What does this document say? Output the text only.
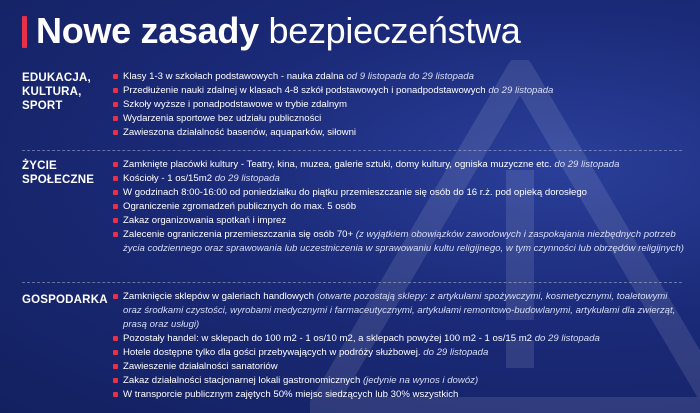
Nowe zasady bezpieczeństwa
EDUKACJA,
KULTURA,
SPORT
Klasy 1-3 w szkołach podstawowych - nauka zdalna od 9 listopada do 29 listopada
Przedłużenie nauki zdalnej w klasach 4-8 szkół podstawowych i ponadpodstawowych do 29 listopada
Szkoły wyższe i ponadpodstawowe w trybie zdalnym
Wydarzenia sportowe bez udziału publiczności
Zawieszona działalność basenów, aquaparków, siłowni
ŻYCIE
SPOŁECZNE
Zamknięte placówki kultury - Teatry, kina, muzea, galerie sztuki, domy kultury, ogniska muzyczne etc. do 29 listopada
Kościoły - 1 os/15m2 do 29 listopada
W godzinach 8:00-16:00 od poniedziałku do piątku przemieszczanie się osób do 16 r.ż. pod opieką dorosłego
Ograniczenie zgromadzeń publicznych do max. 5 osób
Zakaz organizowania spotkań i imprez
Zalecenie ograniczenia przemieszczania się osób 70+ (z wyjątkiem obowiązków zawodowych i zaspokajania niezbędnych potrzeb życia codziennego oraz sprawowania lub uczestniczenia w sprawowaniu kultu religijnego, w tym czynności lub obrzędów religijnych)
GOSPODARKA	Zamknięcie sklepów w galeriach handlowych (otwarte pozostają sklepy: z artykułami spożywczymi, kosmetycznymi, toaletowymi oraz środkami czystości, wyrobami medycznymi i farmaceutycznymi, artykułami remontowo-budowlanymi, artykułami dla zwierząt, prasą oraz usługi)
Pozostały handel: w sklepach do 100 m2 - 1 os/10 m2, a sklepach powyżej 100 m2 - 1 os/15 m2 do 29 listopada
Hotele dostępne tylko dla gości przebywających w podróży służbowej. do 29 listopada
Zawieszenie działalności sanatoriów
Zakaz działalności stacjonarnej lokali gastronomicznych (jedynie na wynos i dowóz)
W transporcie publicznym zajętych 50% miejsc siedzących lub 30% wszystkich
